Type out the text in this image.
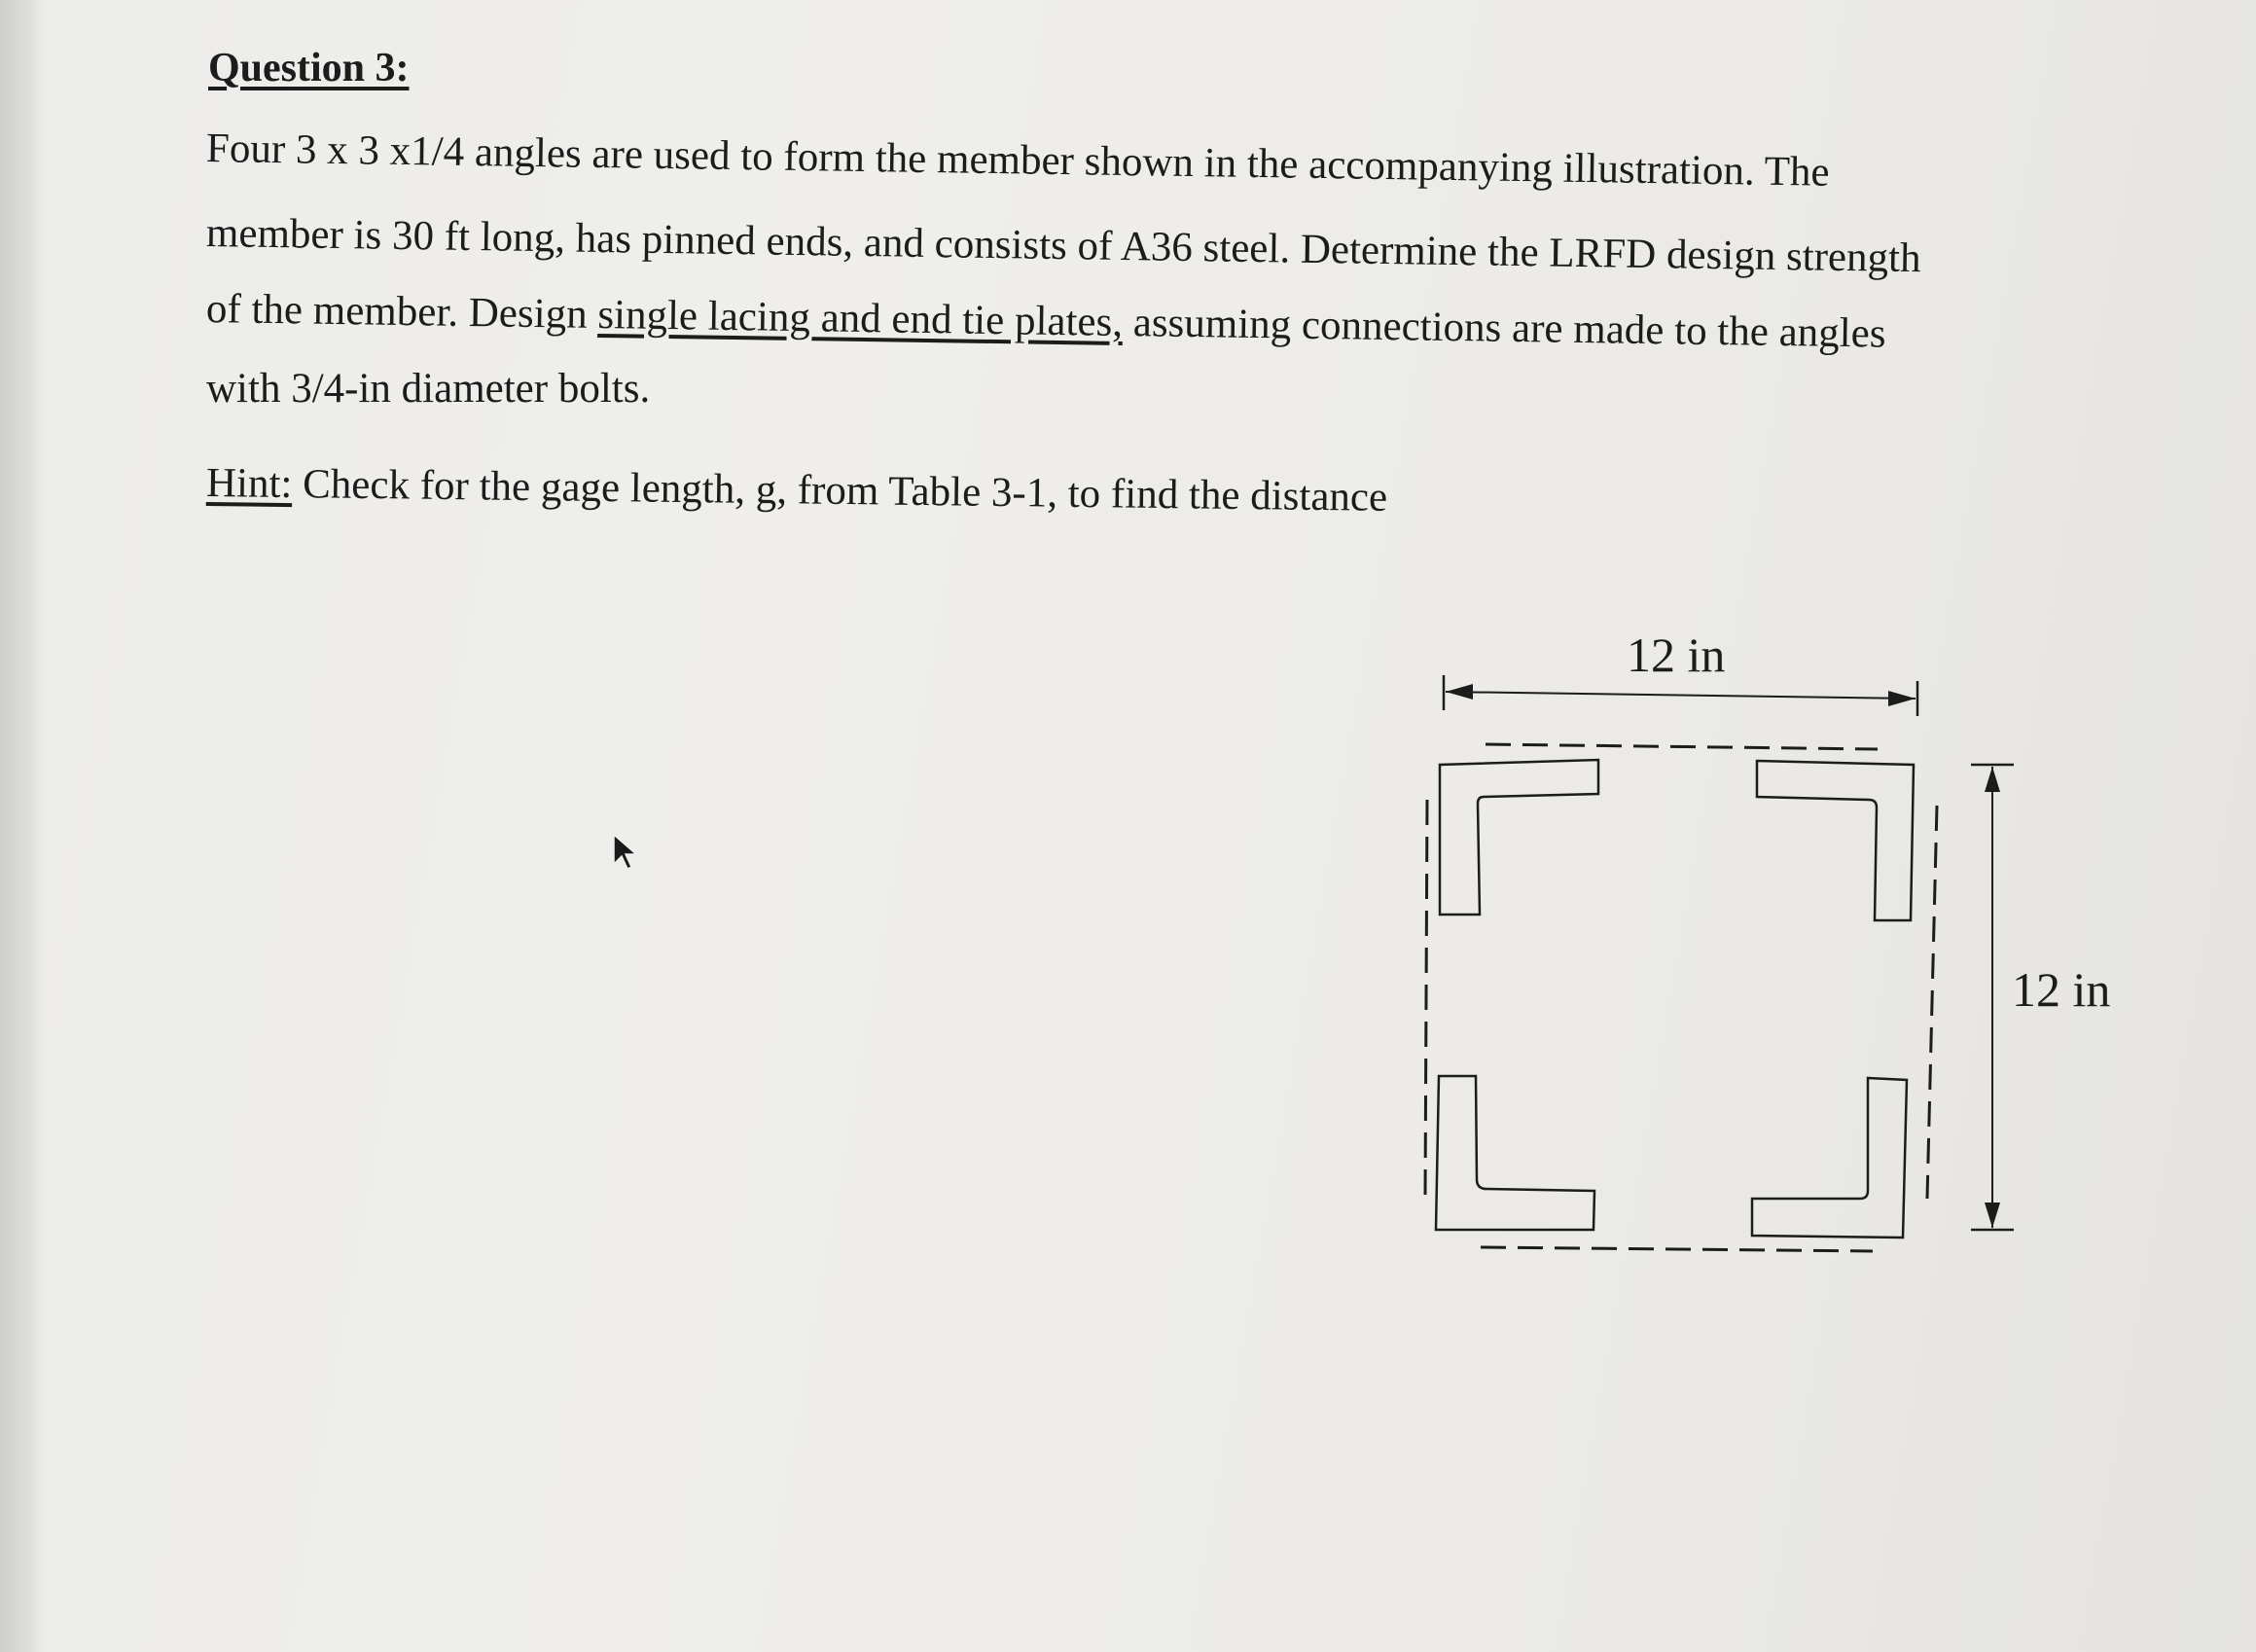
Question 3:

Four 3 x 3 x1/4 angles are used to form the member shown in the accompanying illustration. The

member is 30 ft long, has pinned ends, and consists of A36 steel. Determine the LRFD design strength

of the member. Design single lacing and end tie plates, assuming connections are made to the angles

with 3/4-in diameter bolts.

Hint: Check for the gage length, g, from Table 3-1, to find the distance

12 in
12 in
